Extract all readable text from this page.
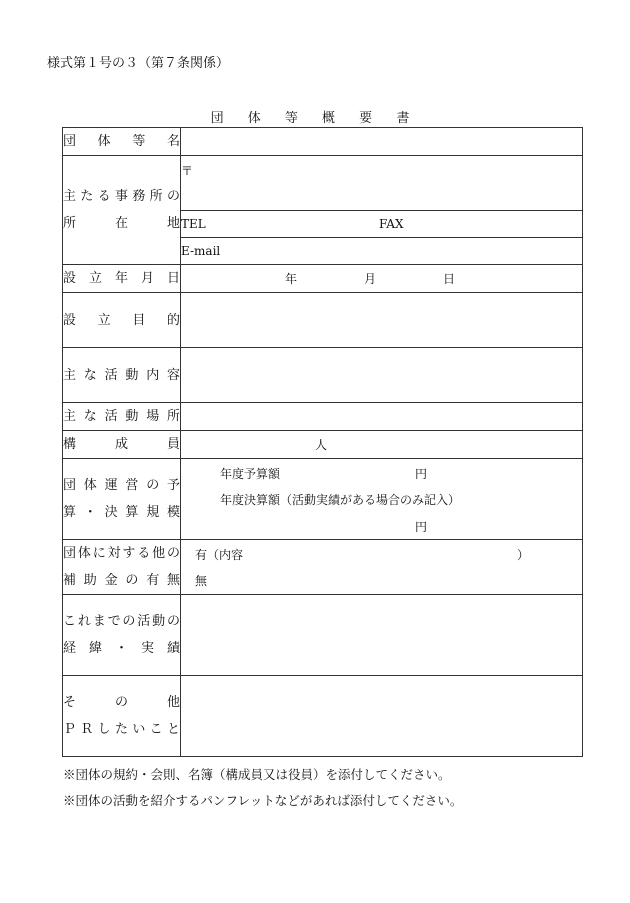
様式第１号の３（第７条関係）
団 体 等 概 要 書
団　体　等　名	

主たる事務所の
所　　在　　地	〒

	TEL FAX

	E-mail

設 立 年 月 日	年 月 日

設　立　目　的	

主 な 活 動 内 容	

主 な 活 動 場 所	

構　　成　　員	人

団 体 運 営 の 予
算 ・ 決 算 規 模	年度予算額 円
年度決算額（活動実績がある場合のみ記入）
円

団体に対する他の
補 助 金 の 有 無	有（内容 ）
無

これまでの活動の
経　緯　・　実　績	

そ　　の　　他
ＰＲしたいこと	

※団体の規約・会則、名簿（構成員又は役員）を添付してください。
※団体の活動を紹介するパンフレットなどがあれば添付してください。
